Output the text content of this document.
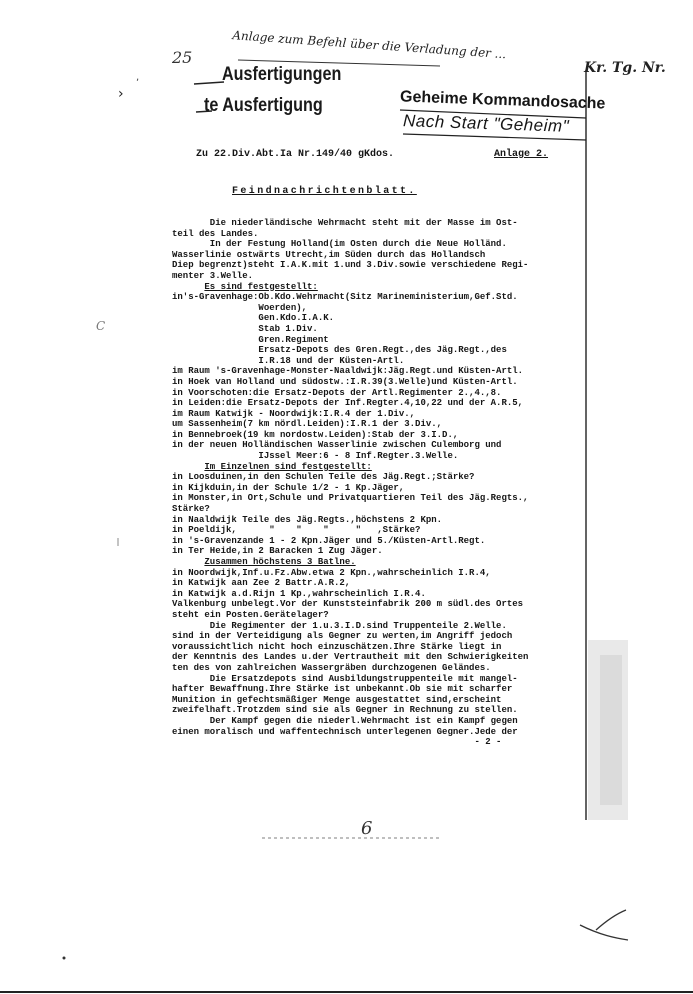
›
,
C
Anlage zum Befehl über die Verladung der ...
25
Kr. Tg. Nr.
Ausfertigungen
te Ausfertigung	Geheime Kommandosache
Nach Start "Geheim"
Zu 22.Div.Abt.Ia Nr.149/40 gKdos.	Anlage 2.
Feindnachrichtenblatt.
Die niederländische Wehrmacht steht mit der Masse im Ost-
teil des Landes.
In der Festung Holland(im Osten durch die Neue Holländ.
Wasserlinie ostwärts Utrecht,im Süden durch das Hollandsch
Diep begrenzt)steht I.A.K.mit 1.und 3.Div.sowie verschiedene Regi-
menter 3.Welle.
Es sind festgestellt:
in's-Gravenhage:Ob.Kdo.Wehrmacht(Sitz Marineministerium,Gef.Std.
Woerden),
Gen.Kdo.I.A.K.
Stab 1.Div.
Gren.Regiment
Ersatz-Depots des Gren.Regt.,des Jäg.Regt.,des
I.R.18 und der Küsten-Artl.
im Raum 's-Gravenhage-Monster-Naaldwijk:Jäg.Regt.und Küsten-Artl.
in Hoek van Holland und südostw.:I.R.39(3.Welle)und Küsten-Artl.
in Voorschoten:die Ersatz-Depots der Artl.Regimenter 2.,4.,8.
in Leiden:die Ersatz-Depots der Inf.Regter.4,10,22 und der A.R.5,
im Raum Katwijk - Noordwijk:I.R.4 der 1.Div.,
um Sassenheim(7 km nördl.Leiden):I.R.1 der 3.Div.,
in Bennebroek(19 km nordostw.Leiden):Stab der 3.I.D.,
in der neuen Holländischen Wasserlinie zwischen Culemborg und
IJssel Meer:6 - 8 Inf.Regter.3.Welle.
Im Einzelnen sind festgestellt:
in Loosduinen,in den Schulen Teile des Jäg.Regt.;Stärke?
in Kijkduin,in der Schule 1/2 - 1 Kp.Jäger,
in Monster,in Ort,Schule und Privatquartieren Teil des Jäg.Regts.,
Stärke?
in Naaldwijk Teile des Jäg.Regts.,höchstens 2 Kpn.
in Poeldijk,      "    "    "     "   ,Stärke?
in 's-Gravenzande 1 - 2 Kpn.Jäger und 5./Küsten-Artl.Regt.
in Ter Heide,in 2 Baracken 1 Zug Jäger.
Zusammen höchstens 3 Batlne.
in Noordwijk,Inf.u.Fz.Abw.etwa 2 Kpn.,wahrscheinlich I.R.4,
in Katwijk aan Zee 2 Battr.A.R.2,
in Katwijk a.d.Rijn 1 Kp.,wahrscheinlich I.R.4.
Valkenburg unbelegt.Vor der Kunststeinfabrik 200 m südl.des Ortes
steht ein Posten.Gerätelager?
Die Regimenter der 1.u.3.I.D.sind Truppenteile 2.Welle.
sind in der Verteidigung als Gegner zu werten,im Angriff jedoch
voraussichtlich nicht hoch einzuschätzen.Ihre Stärke liegt in
der Kenntnis des Landes u.der Vertrautheit mit den Schwierigkeiten
ten des von zahlreichen Wassergräben durchzogenen Geländes.
Die Ersatzdepots sind Ausbildungstruppenteile mit mangel-
hafter Bewaffnung.Ihre Stärke ist unbekannt.Ob sie mit scharfer
Munition in gefechtsmäßiger Menge ausgestattet sind,erscheint
zweifelhaft.Trotzdem sind sie als Gegner in Rechnung zu stellen.
Der Kampf gegen die niederl.Wehrmacht ist ein Kampf gegen
einen moralisch und waffentechnisch unterlegenen Gegner.Jede der
- 2 -
6
